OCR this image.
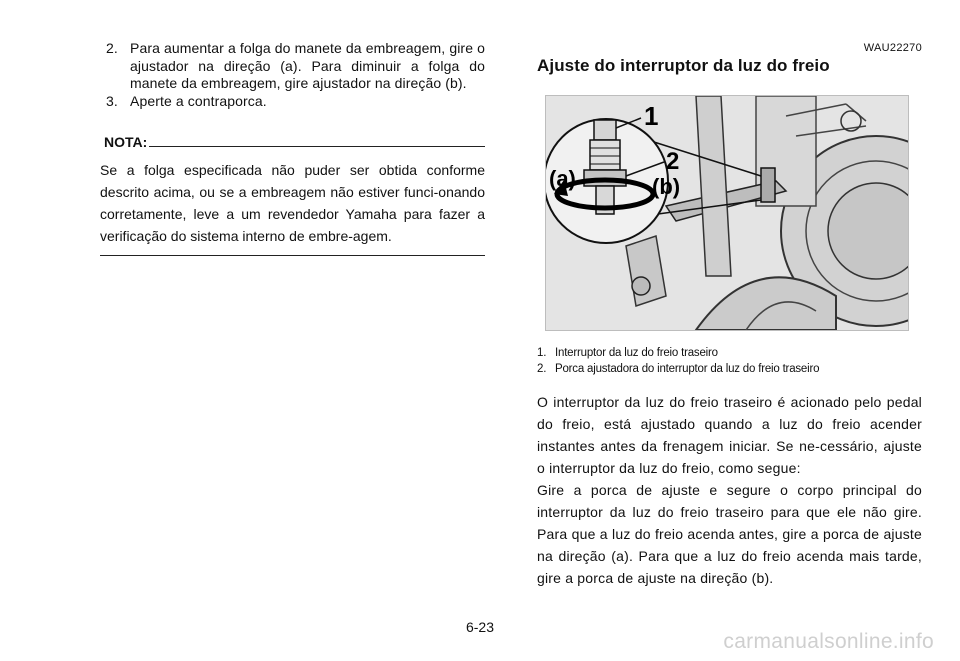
2. Para aumentar a folga do manete da embreagem, gire o ajustador na direção (a). Para diminuir a folga do manete da embreagem, gire ajustador na direção (b).
3. Aperte a contraporca.
NOTA:
Se a folga especificada não puder ser obtida conforme descrito acima, ou se a embreagem não estiver funci-onando corretamente, leve a um revendedor Yamaha para fazer a verificação do sistema interno de embre-agem.
WAU22270
Ajuste do interruptor da luz do freio
1
2
(a)	(b)
1. Interruptor da luz do freio traseiro
2. Porca ajustadora do interruptor da luz do freio traseiro

O interruptor da luz do freio traseiro é acionado pelo pedal do freio, está ajustado quando a luz do freio acender instantes antes da frenagem iniciar. Se ne-cessário, ajuste o interruptor da luz do freio, como segue:

Gire a porca de ajuste e segure o corpo principal do interruptor da luz do freio traseiro para que ele não gire. Para que a luz do freio acenda antes, gire a porca de ajuste na direção (a). Para que a luz do freio acenda mais tarde, gire a porca de ajuste na direção (b).

6-23
carmanualsonline.info
